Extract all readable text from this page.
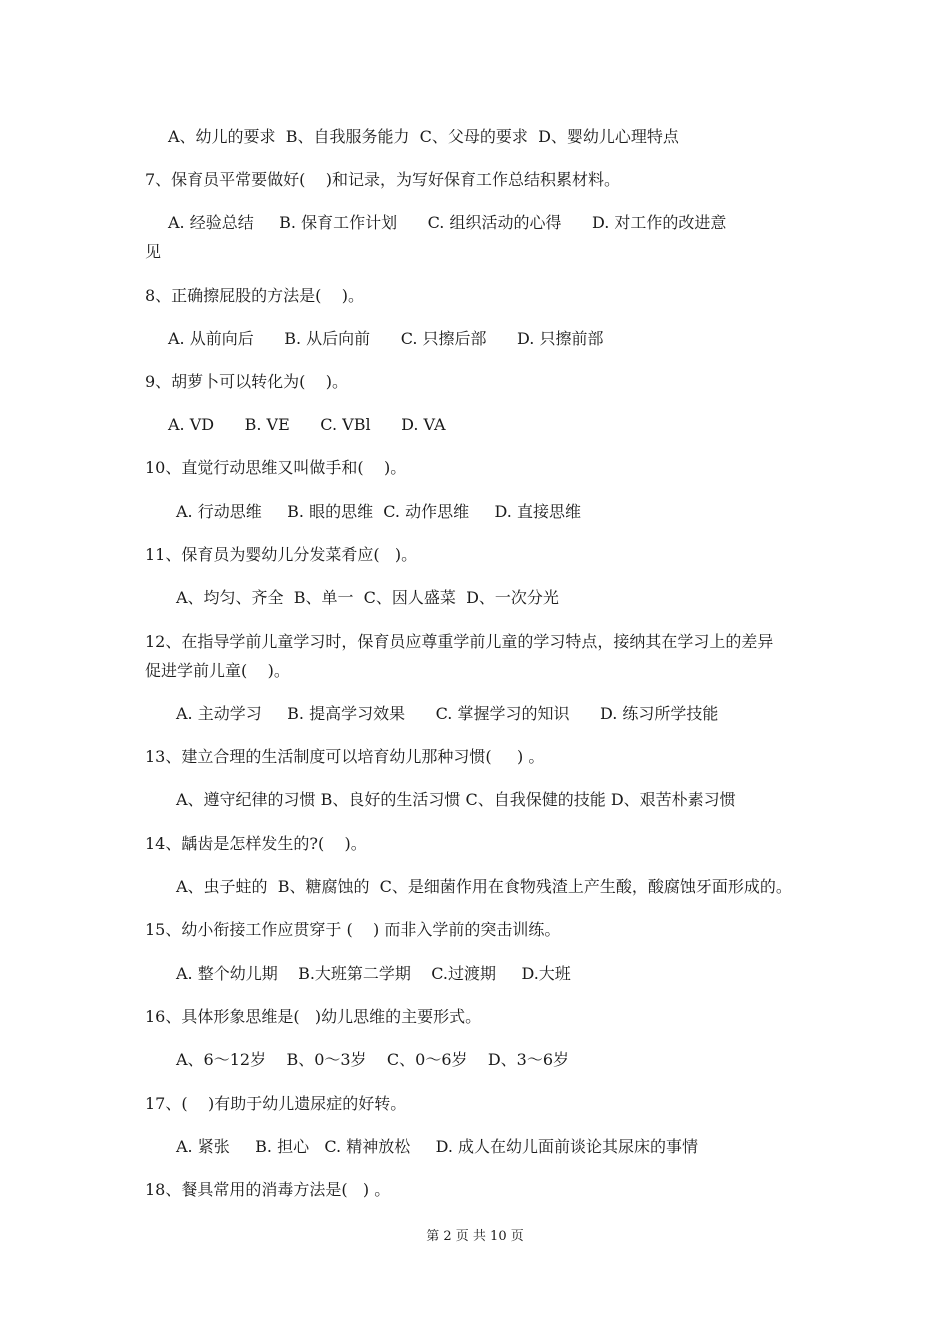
A、幼儿的要求  B、自我服务能力  C、父母的要求  D、婴幼儿心理特点
7、保育员平常要做好(    )和记录，为写好保育工作总结积累材料。
A. 经验总结     B. 保育工作计划      C. 组织活动的心得      D. 对工作的改进意
见
8、正确擦屁股的方法是(    )。
A. 从前向后      B. 从后向前      C. 只擦后部      D. 只擦前部
9、胡萝卜可以转化为(    )。
A. VD      B. VE      C. VBl      D. VA
10、直觉行动思维又叫做手和(    )。
A. 行动思维     B. 眼的思维  C. 动作思维     D. 直接思维
11、保育员为婴幼儿分发菜肴应(   )。
A、均匀、齐全  B、单一  C、因人盛菜  D、一次分光
12、在指导学前儿童学习时，保育员应尊重学前儿童的学习特点，接纳其在学习上的差异
促进学前儿童(    )。
A. 主动学习     B. 提高学习效果      C. 掌握学习的知识      D. 练习所学技能
13、建立合理的生活制度可以培育幼儿那种习惯(     ) 。
A、遵守纪律的习惯 B、良好的生活习惯 C、自我保健的技能 D、艰苦朴素习惯
14、龋齿是怎样发生的?(    )。
A、虫子蛀的  B、糖腐蚀的  C、是细菌作用在食物残渣上产生酸，酸腐蚀牙面形成的。
15、幼小衔接工作应贯穿于 (    ) 而非入学前的突击训练。
A. 整个幼儿期    B.大班第二学期    C.过渡期     D.大班
16、具体形象思维是(   )幼儿思维的主要形式。
A、6～12岁    B、0～3岁    C、0～6岁    D、3～6岁
17、(    )有助于幼儿遗尿症的好转。
A. 紧张     B. 担心   C. 精神放松     D. 成人在幼儿面前谈论其尿床的事情
18、餐具常用的消毒方法是(   ) 。
第 2 页 共 10 页
